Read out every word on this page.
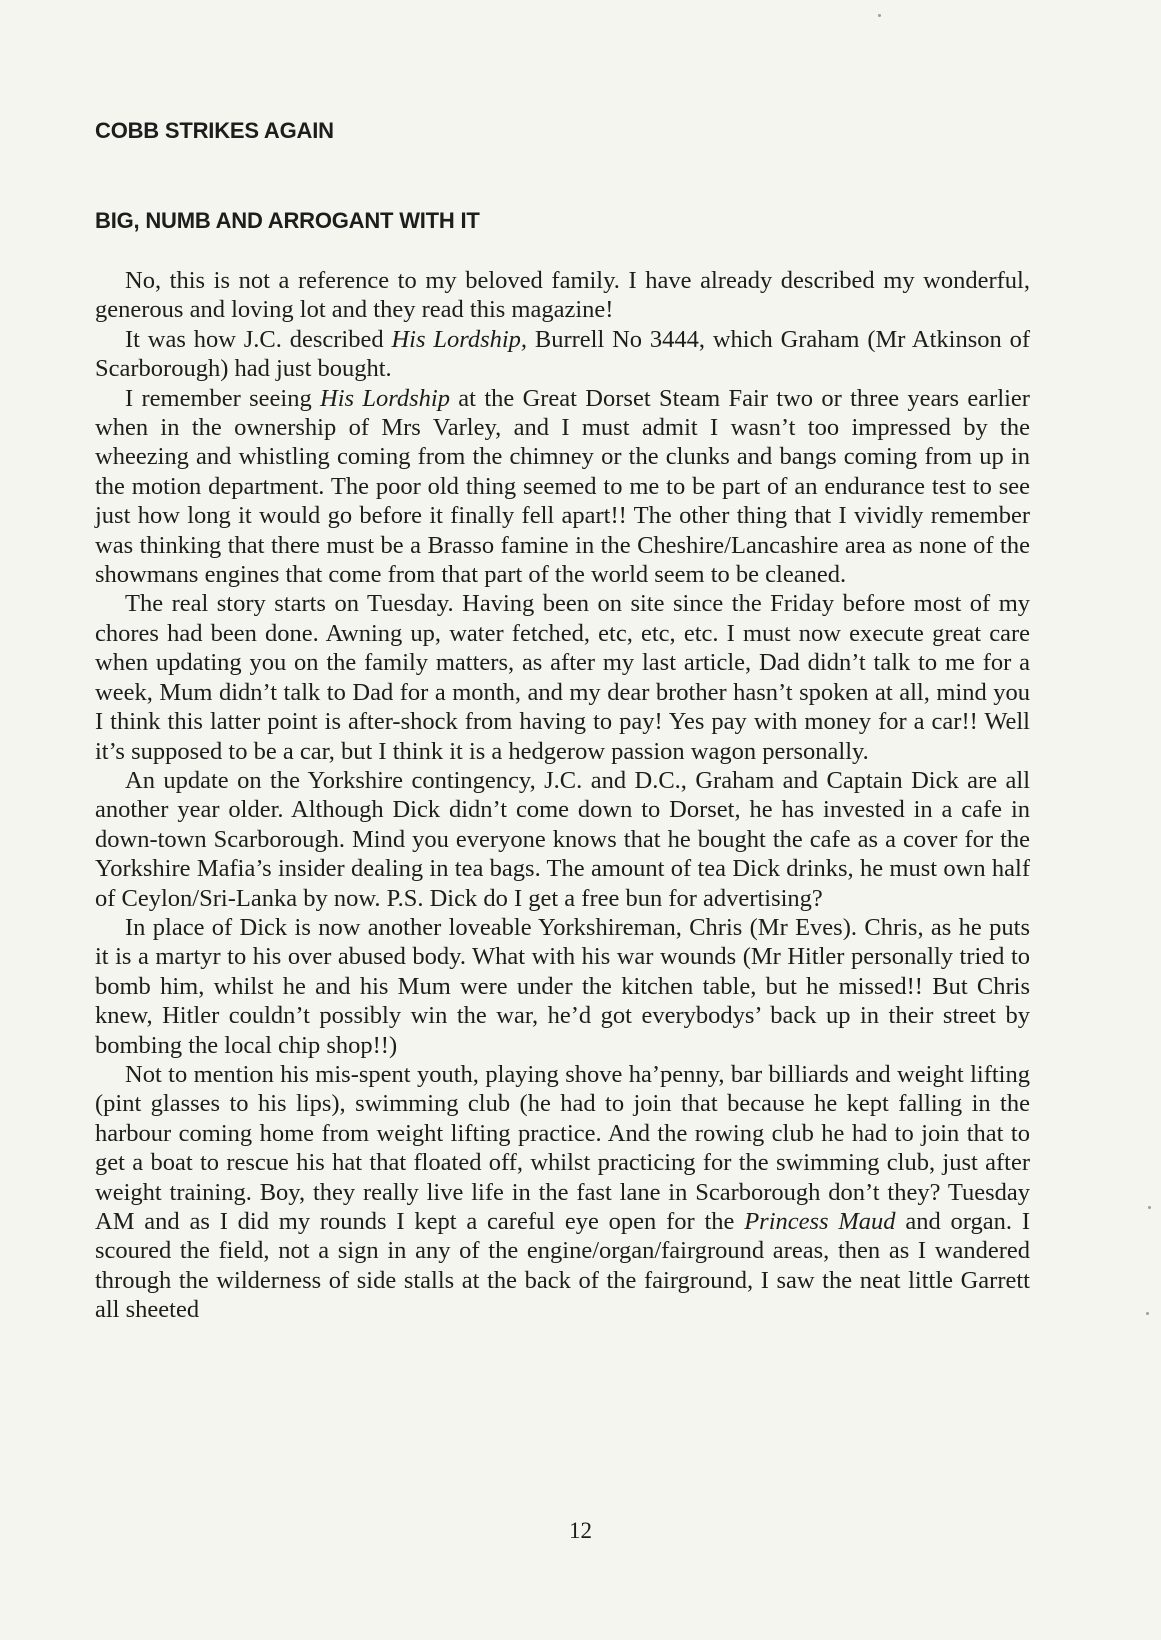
COBB STRIKES AGAIN
BIG, NUMB AND ARROGANT WITH IT

No, this is not a reference to my beloved family. I have already described my wonderful, generous and loving lot and they read this magazine!

It was how J.C. described His Lordship, Burrell No 3444, which Graham (Mr Atkinson of Scarborough) had just bought.

I remember seeing His Lordship at the Great Dorset Steam Fair two or three years earlier when in the ownership of Mrs Varley, and I must admit I wasn’t too impressed by the wheezing and whistling coming from the chimney or the clunks and bangs coming from up in the motion department. The poor old thing seemed to me to be part of an endurance test to see just how long it would go before it finally fell apart!! The other thing that I vividly remember was thinking that there must be a Brasso famine in the Cheshire/Lancashire area as none of the showmans engines that come from that part of the world seem to be cleaned.

The real story starts on Tuesday. Having been on site since the Friday before most of my chores had been done. Awning up, water fetched, etc, etc, etc. I must now execute great care when updating you on the family matters, as after my last article, Dad didn’t talk to me for a week, Mum didn’t talk to Dad for a month, and my dear brother hasn’t spoken at all, mind you I think this latter point is after-shock from having to pay! Yes pay with money for a car!! Well it’s supposed to be a car, but I think it is a hedgerow passion wagon personally.

An update on the Yorkshire contingency, J.C. and D.C., Graham and Captain Dick are all another year older. Although Dick didn’t come down to Dorset, he has invested in a cafe in down-town Scarborough. Mind you everyone knows that he bought the cafe as a cover for the Yorkshire Mafia’s insider dealing in tea bags. The amount of tea Dick drinks, he must own half of Ceylon/Sri-Lanka by now. P.S. Dick do I get a free bun for advertising?

In place of Dick is now another loveable Yorkshireman, Chris (Mr Eves). Chris, as he puts it is a martyr to his over abused body. What with his war wounds (Mr Hitler personally tried to bomb him, whilst he and his Mum were under the kitchen table, but he missed!! But Chris knew, Hitler couldn’t possibly win the war, he’d got everybodys’ back up in their street by bombing the local chip shop!!)

Not to mention his mis-spent youth, playing shove ha’penny, bar billiards and weight lifting (pint glasses to his lips), swimming club (he had to join that because he kept falling in the harbour coming home from weight lifting practice. And the rowing club he had to join that to get a boat to rescue his hat that floated off, whilst practicing for the swimming club, just after weight training. Boy, they really live life in the fast lane in Scarborough don’t they? Tuesday AM and as I did my rounds I kept a careful eye open for the Princess Maud and organ. I scoured the field, not a sign in any of the engine/organ/fairground areas, then as I wandered through the wilderness of side stalls at the back of the fairground, I saw the neat little Garrett all sheeted

12
